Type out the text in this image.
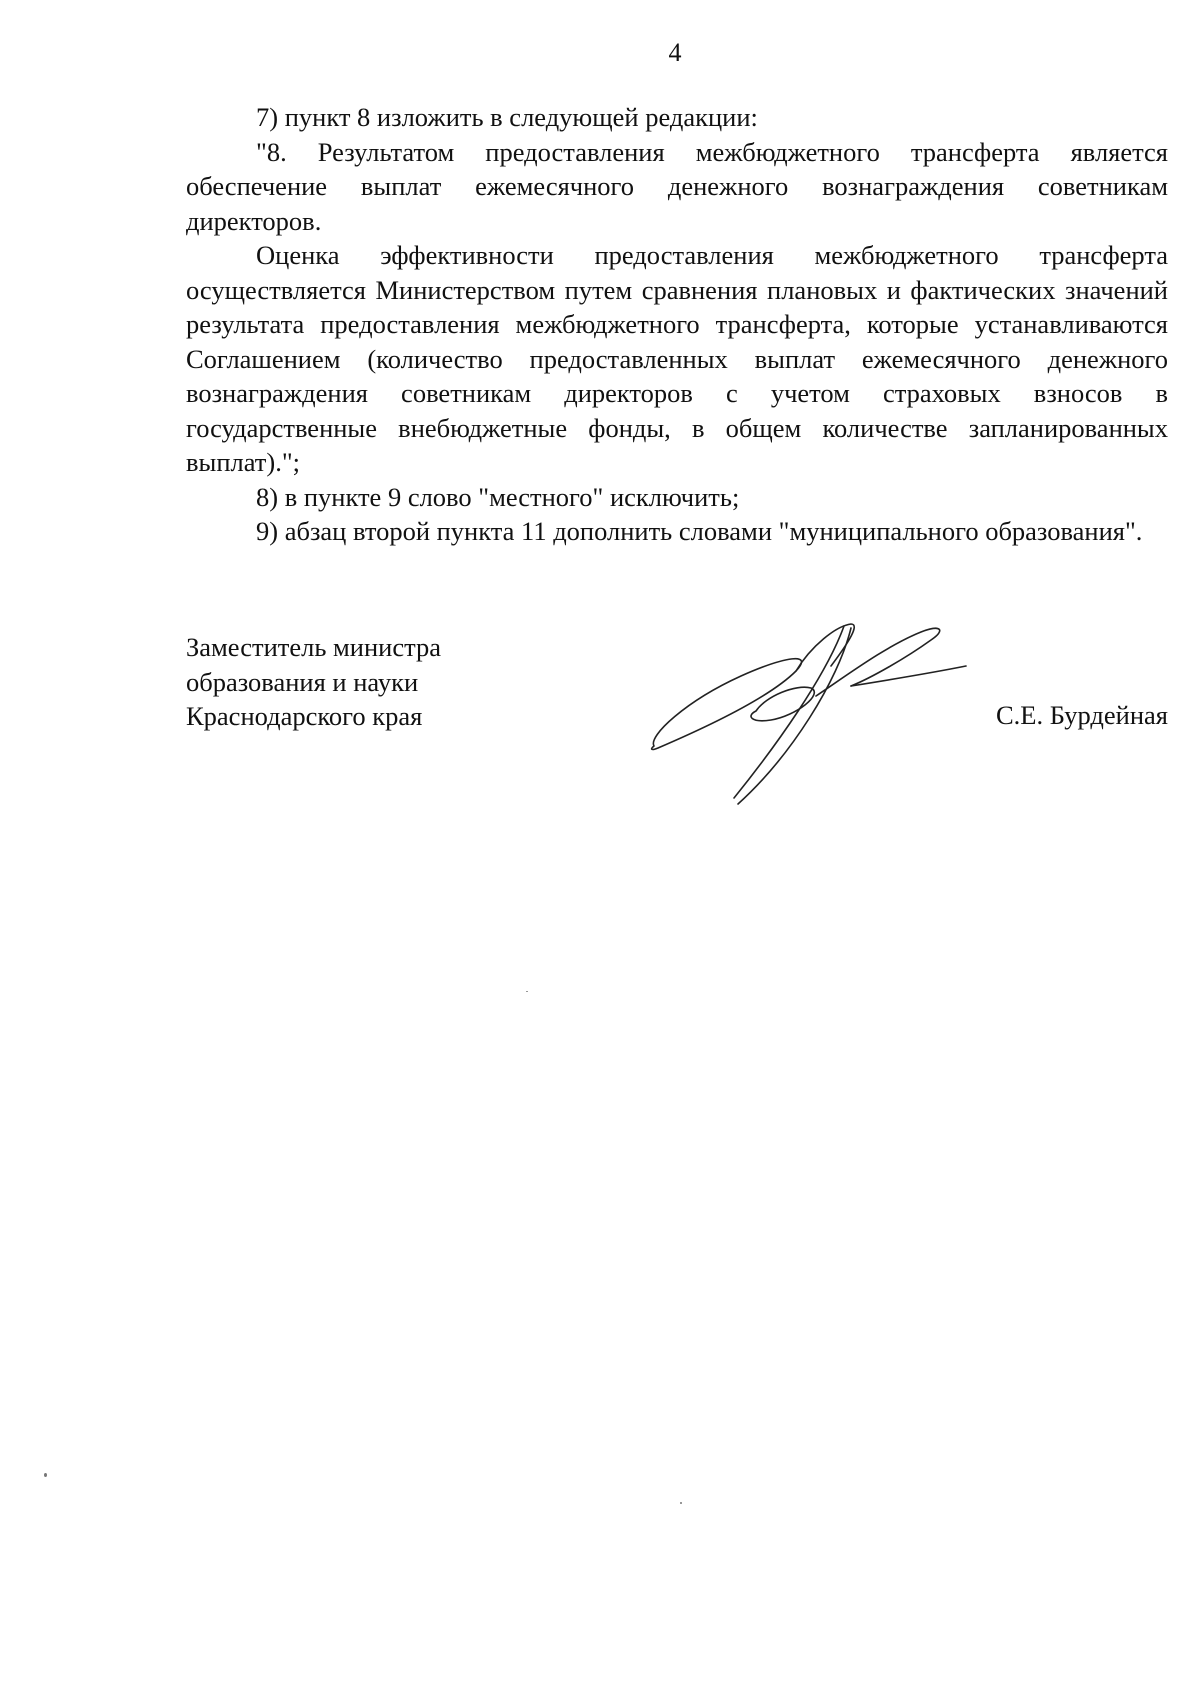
4

7) пункт 8 изложить в следующей редакции:

"8. Результатом предоставления межбюджетного трансферта является обеспечение выплат ежемесячного денежного вознаграждения советникам директоров.

Оценка эффективности предоставления межбюджетного трансферта осуществляется Министерством путем сравнения плановых и фактических значений результата предоставления межбюджетного трансферта, которые устанавливаются Соглашением (количество предоставленных выплат ежемесячного денежного вознаграждения советникам директоров с учетом страховых взносов в государственные внебюджетные фонды, в общем количестве запланированных выплат).";

8) в пункте 9 слово "местного" исключить;

9) абзац второй пункта 11 дополнить словами "муниципального образования".

Заместитель министра
образования и науки
Краснодарского края	С.Е. Бурдейная
